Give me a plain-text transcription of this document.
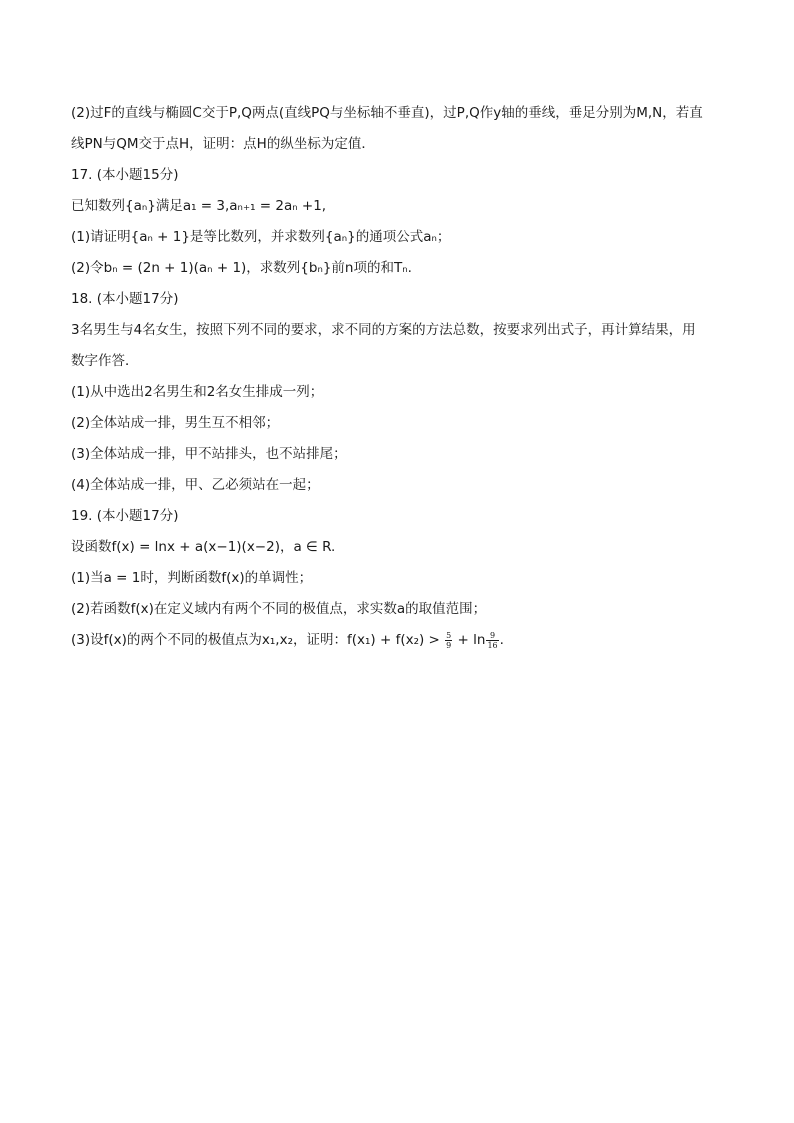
(2)过F的直线与椭圆C交于P,Q两点(直线PQ与坐标轴不垂直)，过P,Q作y轴的垂线，垂足分别为M,N，若直
线PN与QM交于点H，证明：点H的纵坐标为定值．
17. (本小题15分)
已知数列{aₙ}满足a₁ = 3,aₙ₊₁ = 2aₙ +1,
(1)请证明{aₙ + 1}是等比数列，并求数列{aₙ}的通项公式aₙ；
(2)令bₙ = (2n + 1)(aₙ + 1)，求数列{bₙ}前n项的和Tₙ.
18. (本小题17分)
3名男生与4名女生，按照下列不同的要求，求不同的方案的方法总数，按要求列出式子，再计算结果，用
数字作答．
(1)从中选出2名男生和2名女生排成一列；
(2)全体站成一排，男生互不相邻；
(3)全体站成一排，甲不站排头，也不站排尾；
(4)全体站成一排，甲、乙必须站在一起；
19. (本小题17分)
设函数f(x) = lnx + a(x−1)(x−2)，a ∈ R.
(1)当a = 1时，判断函数f(x)的单调性；
(2)若函数f(x)在定义域内有两个不同的极值点，求实数a的取值范围；
(3)设f(x)的两个不同的极值点为x₁,x₂，证明：$f(x_1) + f(x_2) > \frac{5}{9} + \ln \frac{9}{16}$ .
